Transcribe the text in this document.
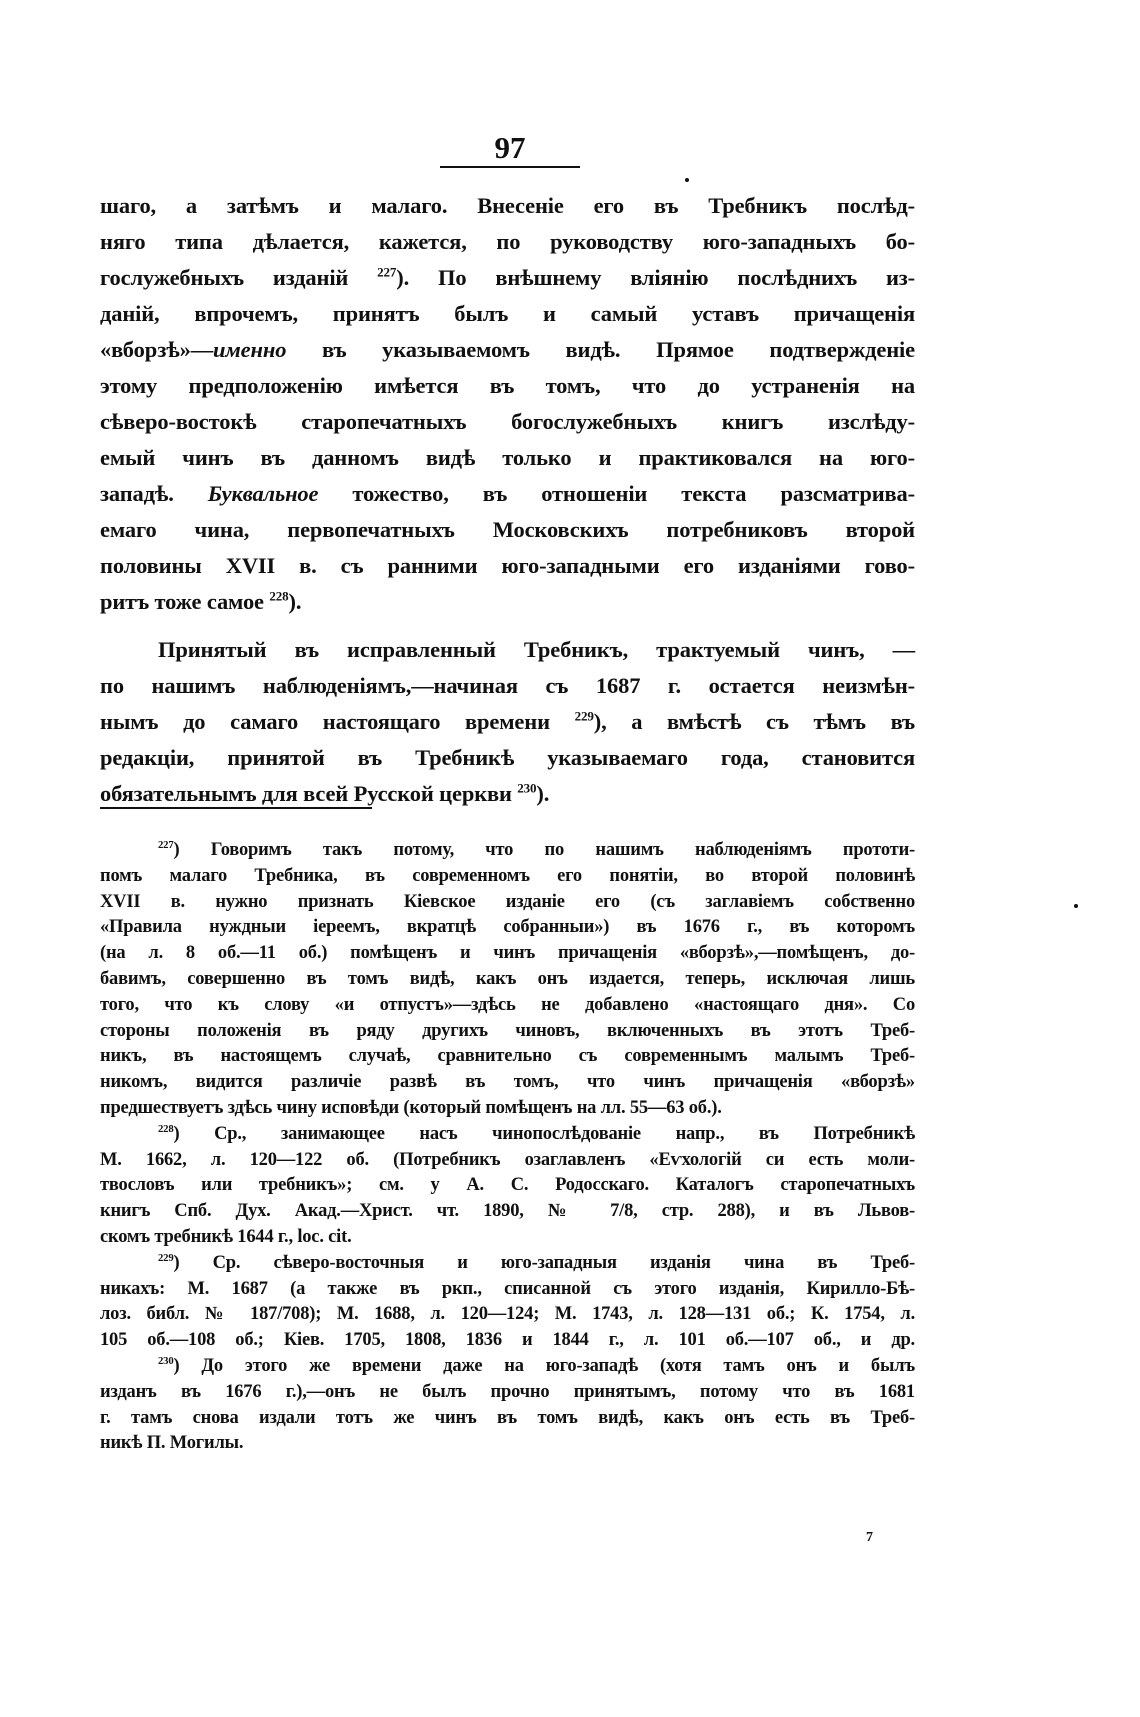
97
шаго, а затѣмъ и малаго. Внесеніе его въ Требникъ послѣд-
няго типа дѣлается, кажется, по руководству юго-западныхъ бо-
гослужебныхъ изданій $^{227}$). По внѣшнему вліянію послѣднихъ из-
даній, впрочемъ, принятъ былъ и самый уставъ причащенія
«вборзѣ»—именно въ указываемомъ видѣ. Прямое подтвержденіе
этому предположенію имѣется въ томъ, что до устраненія на
сѣверо-востокѣ старопечатныхъ богослужебныхъ книгъ изслѣду-
емый чинъ въ данномъ видѣ только и практиковался на юго-
западѣ. Буквальное тожество, въ отношеніи текста разсматрива-
емаго чина, первопечатныхъ Московскихъ потребниковъ второй
половины XVII в. съ ранними юго-западными его изданіями гово-
ритъ тоже самое $^{228}$).
Принятый въ исправленный Требникъ, трактуемый чинъ, —
по нашимъ наблюденіямъ,—начиная съ 1687 г. остается неизмѣн-
нымъ до самаго настоящаго времени $^{229}$), а вмѣстѣ съ тѣмъ въ
редакціи, принятой въ Требникѣ указываемаго года, становится
обязательнымъ для всей Русской церкви $^{230}$).
$^{227}$) Говоримъ такъ потому, что по нашимъ наблюденіямъ прототи-
помъ малаго Требника, въ современномъ его понятіи, во второй половинѣ
XVII в. нужно признать Кіевское изданіе его (съ заглавіемъ собственно
«Правила нуждныи іереемъ, вкратцѣ собранныи») въ 1676 г., въ которомъ
(на л. 8 об.—11 об.) помѣщенъ и чинъ причащенія «вборзѣ»,—помѣщенъ, до-
бавимъ, совершенно въ томъ видѣ, какъ онъ издается, теперь, исключая лишь
того, что къ слову «и отпустъ»—здѣсь не добавлено «настоящаго дня». Со
стороны положенія въ ряду другихъ чиновъ, включенныхъ въ этотъ Треб-
никъ, въ настоящемъ случаѣ, сравнительно съ современнымъ малымъ Треб-
никомъ, видится различіе развѣ въ томъ, что чинъ причащенія «вборзѣ»
предшествуетъ здѣсь чину исповѣди (который помѣщенъ на лл. 55—63 об.).
$^{228}$) Ср., занимающее насъ чинопослѣдованіе напр., въ Потребникѣ
М. 1662, л. 120—122 об. (Потребникъ озаглавленъ «Еѵхологій си есть моли-
твословъ или требникъ»; см. у А. С. Родосскаго. Каталогъ старопечатныхъ
книгъ Спб. Дух. Акад.—Христ. чт. 1890, № 7/8, стр. 288), и въ Львов-
скомъ требникѣ 1644 г., loc. cit.
$^{229}$) Ср. сѣверо-восточныя и юго-западныя изданія чина въ Треб-
никахъ: М. 1687 (а также въ ркп., списанной съ этого изданія, Кирилло-Бѣ-
лоз. библ. № 187/708); М. 1688, л. 120—124; М. 1743, л. 128—131 об.; К. 1754, л.
105 об.—108 об.; Кіев. 1705, 1808, 1836 и 1844 г., л. 101 об.—107 об., и др.
$^{230}$) До этого же времени даже на юго-западѣ (хотя тамъ онъ и былъ
изданъ въ 1676 г.),—онъ не былъ прочно принятымъ, потому что въ 1681
г. тамъ снова издали тотъ же чинъ въ томъ видѣ, какъ онъ есть въ Треб-
никѣ П. Могилы.
7
